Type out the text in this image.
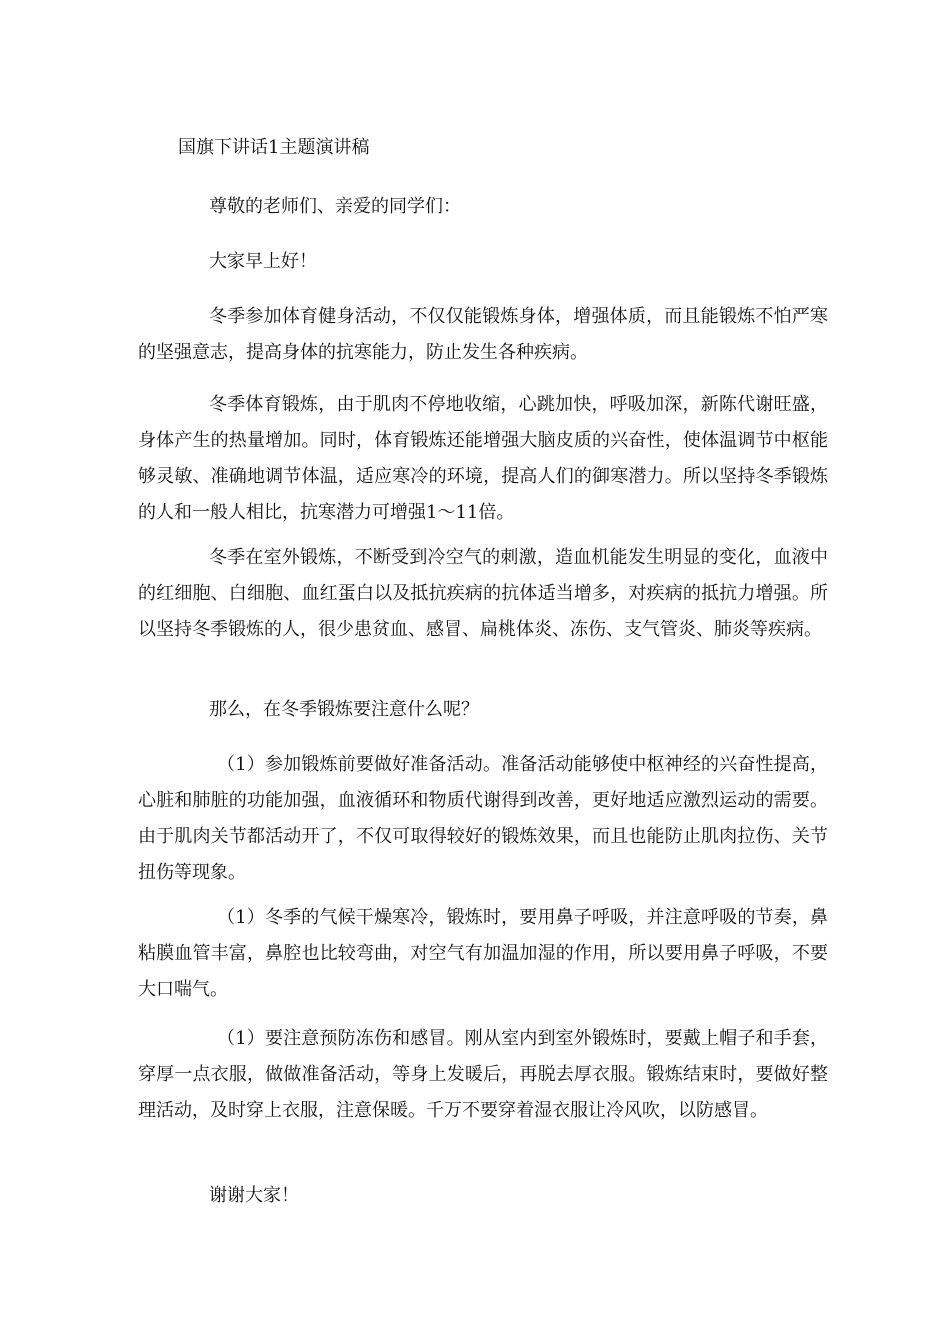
国旗下讲话1主题演讲稿

尊敬的老师们、亲爱的同学们：

大家早上好！

冬季参加体育健身活动，不仅仅能锻炼身体，增强体质，而且能锻炼不怕严寒的坚强意志，提高身体的抗寒能力，防止发生各种疾病。

冬季体育锻炼，由于肌肉不停地收缩，心跳加快，呼吸加深，新陈代谢旺盛，身体产生的热量增加。同时，体育锻炼还能增强大脑皮质的兴奋性，使体温调节中枢能够灵敏、准确地调节体温，适应寒冷的环境，提高人们的御寒潜力。所以坚持冬季锻炼的人和一般人相比，抗寒潜力可增强1～11倍。

冬季在室外锻炼，不断受到冷空气的刺激，造血机能发生明显的变化，血液中的红细胞、白细胞、血红蛋白以及抵抗疾病的抗体适当增多，对疾病的抵抗力增强。所以坚持冬季锻炼的人，很少患贫血、感冒、扁桃体炎、冻伤、支气管炎、肺炎等疾病。

那么，在冬季锻炼要注意什么呢？

（1）参加锻炼前要做好准备活动。准备活动能够使中枢神经的兴奋性提高，心脏和肺脏的功能加强，血液循环和物质代谢得到改善，更好地适应激烈运动的需要。由于肌肉关节都活动开了，不仅可取得较好的锻炼效果，而且也能防止肌肉拉伤、关节扭伤等现象。

（1）冬季的气候干燥寒冷，锻炼时，要用鼻子呼吸，并注意呼吸的节奏，鼻粘膜血管丰富，鼻腔也比较弯曲，对空气有加温加湿的作用，所以要用鼻子呼吸，不要大口喘气。

（1）要注意预防冻伤和感冒。刚从室内到室外锻炼时，要戴上帽子和手套，穿厚一点衣服，做做准备活动，等身上发暖后，再脱去厚衣服。锻炼结束时，要做好整理活动，及时穿上衣服，注意保暖。千万不要穿着湿衣服让冷风吹，以防感冒。

谢谢大家！
